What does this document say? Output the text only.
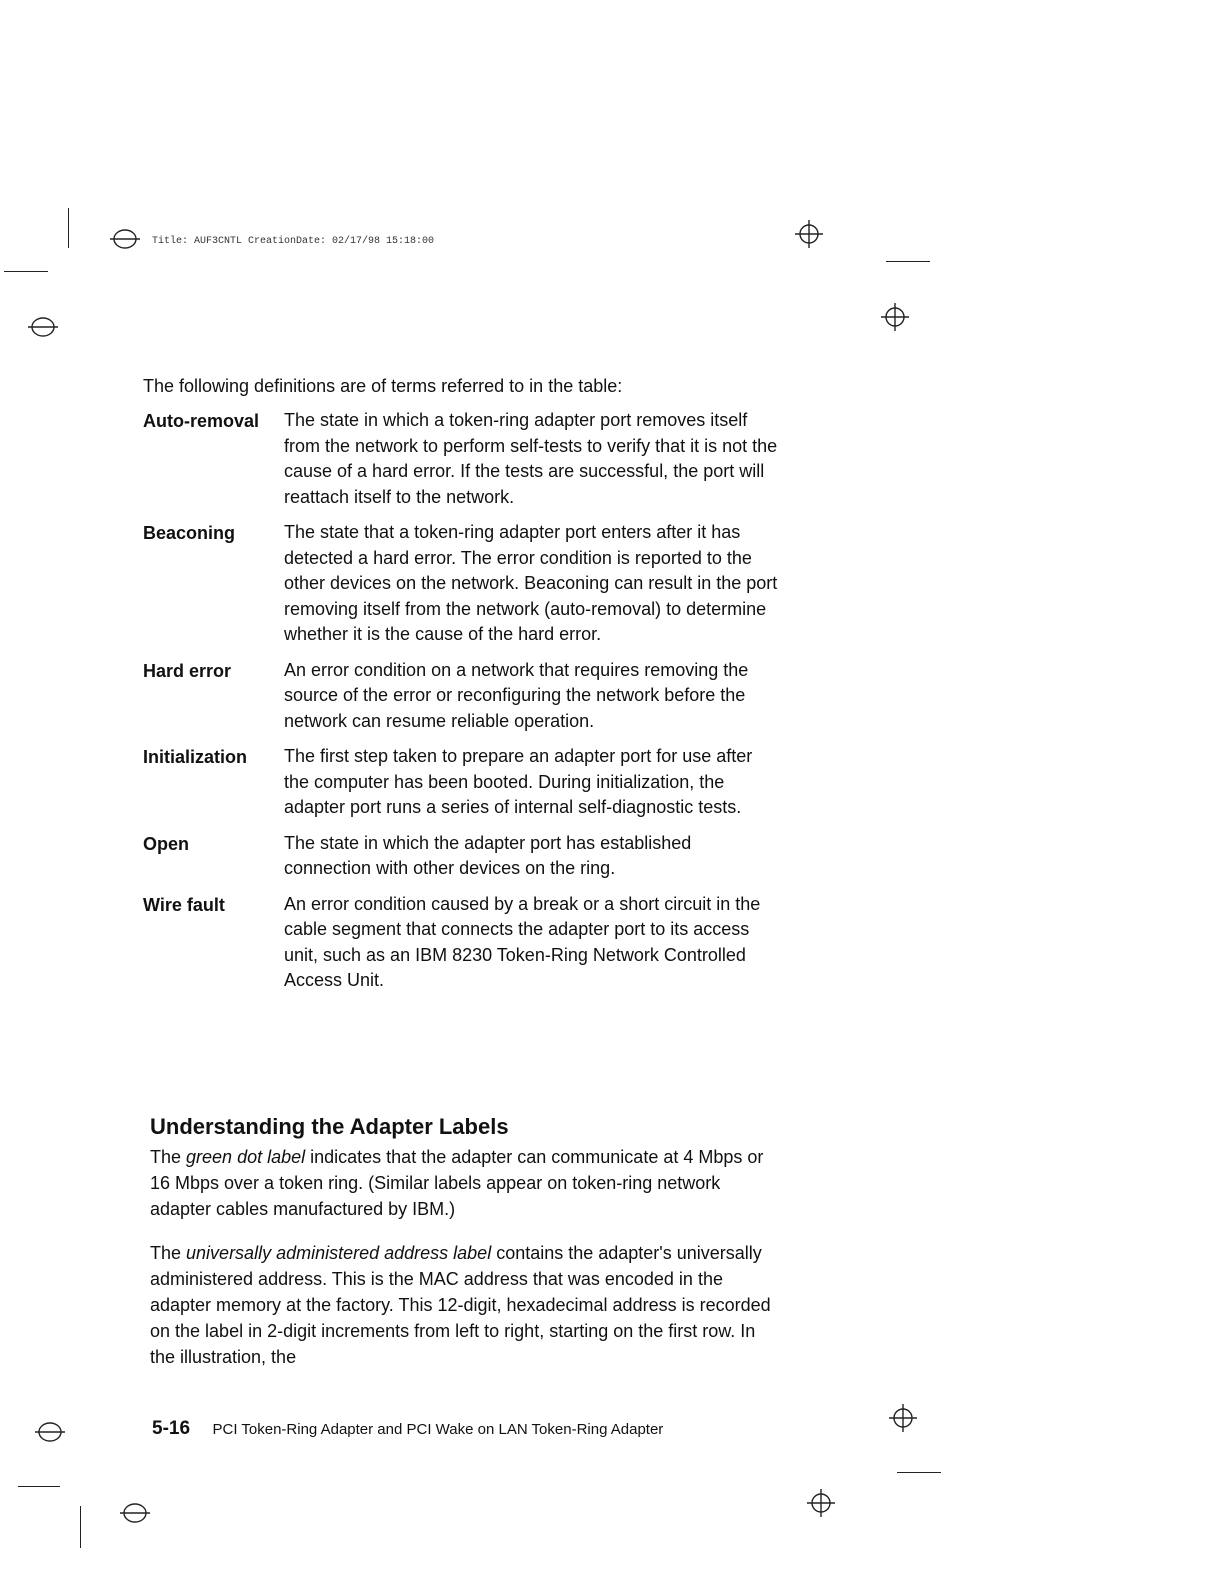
Title: AUF3CNTL CreationDate: 02/17/98 15:18:00

The following definitions are of terms referred to in the table:

Auto-removal	The state in which a token-ring adapter port removes itself from the network to perform self-tests to verify that it is not the cause of a hard error. If the tests are successful, the port will reattach itself to the network.
Beaconing	The state that a token-ring adapter port enters after it has detected a hard error. The error condition is reported to the other devices on the network. Beaconing can result in the port removing itself from the network (auto-removal) to determine whether it is the cause of the hard error.
Hard error	An error condition on a network that requires removing the source of the error or reconfiguring the network before the network can resume reliable operation.
Initialization	The first step taken to prepare an adapter port for use after the computer has been booted. During initialization, the adapter port runs a series of internal self-diagnostic tests.
Open	The state in which the adapter port has established connection with other devices on the ring.
Wire fault	An error condition caused by a break or a short circuit in the cable segment that connects the adapter port to its access unit, such as an IBM 8230 Token-Ring Network Controlled Access Unit.
Understanding the Adapter Labels

The green dot label indicates that the adapter can communicate at 4 Mbps or 16 Mbps over a token ring. (Similar labels appear on token-ring network adapter cables manufactured by IBM.)

The universally administered address label contains the adapter's universally administered address. This is the MAC address that was encoded in the adapter memory at the factory. This 12-digit, hexadecimal address is recorded on the label in 2-digit increments from left to right, starting on the first row. In the illustration, the

5-16 PCI Token-Ring Adapter and PCI Wake on LAN Token-Ring Adapter
